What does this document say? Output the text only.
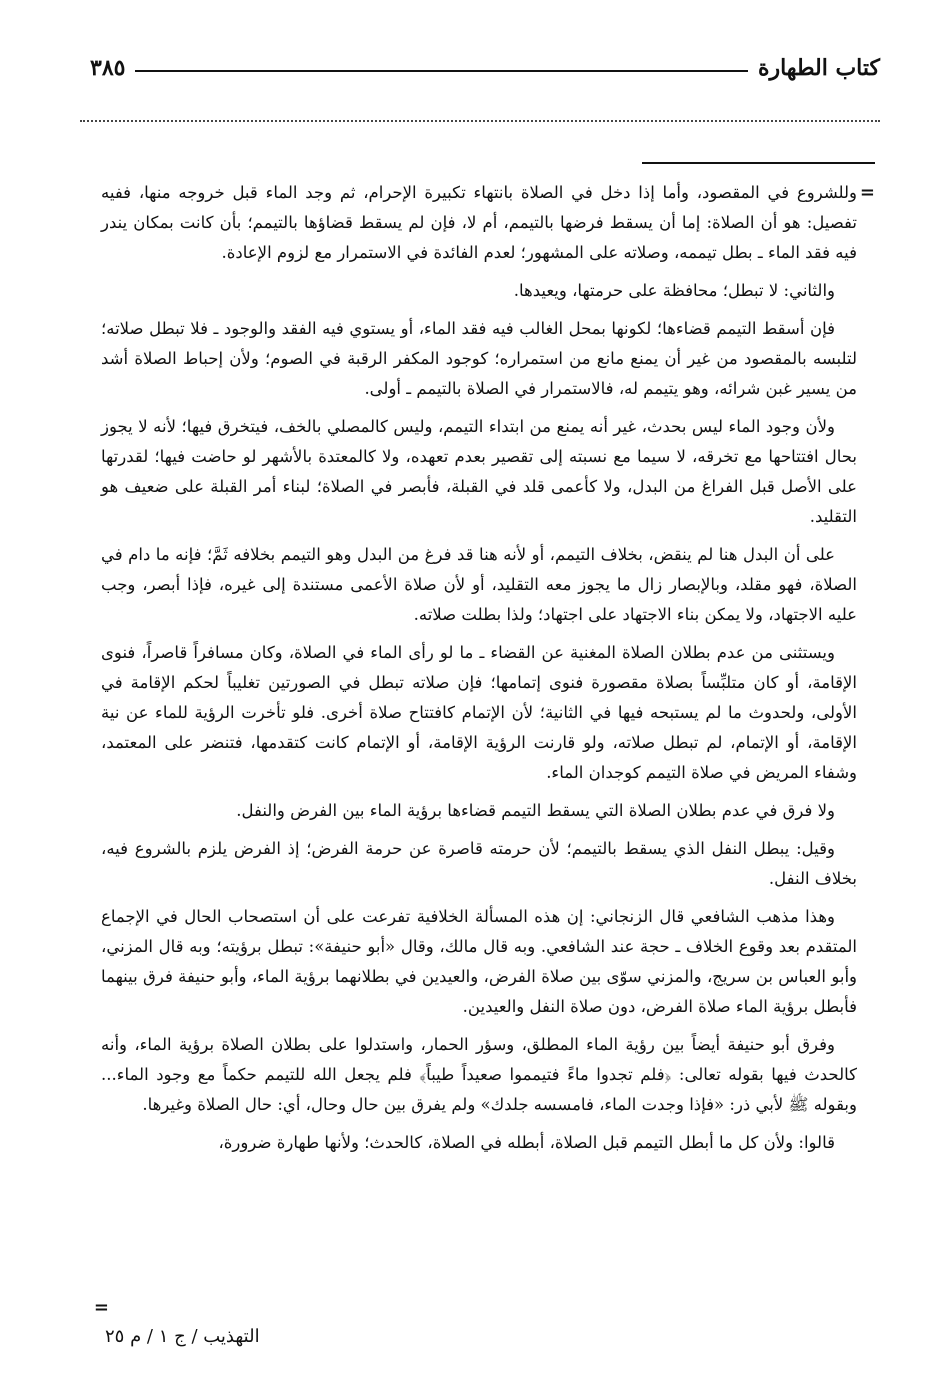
كتاب الطهارة
٣٨٥
=

وللشروع في المقصود، وأما إذا دخل في الصلاة بانتهاء تكبيرة الإحرام، ثم وجد الماء قبل خروجه منها، ففيه تفصيل: هو أن الصلاة: إما أن يسقط فرضها بالتيمم، أم لا، فإن لم يسقط قضاؤها بالتيمم؛ بأن كانت بمكان يندر فيه فقد الماء ـ بطل تيممه، وصلاته على المشهور؛ لعدم الفائدة في الاستمرار مع لزوم الإعادة.

والثاني: لا تبطل؛ محافظة على حرمتها، ويعيدها.

فإن أسقط التيمم قضاءها؛ لكونها بمحل الغالب فيه فقد الماء، أو يستوي فيه الفقد والوجود ـ فلا تبطل صلاته؛ لتلبسه بالمقصود من غير أن يمنع مانع من استمراره؛ كوجود المكفر الرقبة في الصوم؛ ولأن إحباط الصلاة أشد من يسير غبن شرائه، وهو يتيمم له، فالاستمرار في الصلاة بالتيمم ـ أولى.

ولأن وجود الماء ليس بحدث، غير أنه يمنع من ابتداء التيمم، وليس كالمصلي بالخف، فيتخرق فيها؛ لأنه لا يجوز بحال افتتاحها مع تخرقه، لا سيما مع نسبته إلى تقصير بعدم تعهده، ولا كالمعتدة بالأشهر لو حاضت فيها؛ لقدرتها على الأصل قبل الفراغ من البدل، ولا كأعمى قلد في القبلة، فأبصر في الصلاة؛ لبناء أمر القبلة على ضعيف هو التقليد.

على أن البدل هنا لم ينقض، بخلاف التيمم، أو لأنه هنا قد فرغ من البدل وهو التيمم بخلافه ثَمَّ؛ فإنه ما دام في الصلاة، فهو مقلد، وبالإبصار زال ما يجوز معه التقليد، أو لأن صلاة الأعمى مستندة إلى غيره، فإذا أبصر، وجب عليه الاجتهاد، ولا يمكن بناء الاجتهاد على اجتهاد؛ ولذا بطلت صلاته.

ويستثنى من عدم بطلان الصلاة المغنية عن القضاء ـ ما لو رأى الماء في الصلاة، وكان مسافراً قاصراً، فنوى الإقامة، أو كان متلبِّساً بصلاة مقصورة فنوى إتمامها؛ فإن صلاته تبطل في الصورتين تغليباً لحكم الإقامة في الأولى، ولحدوث ما لم يستبحه فيها في الثانية؛ لأن الإتمام كافتتاح صلاة أخرى. فلو تأخرت الرؤية للماء عن نية الإقامة، أو الإتمام، لم تبطل صلاته، ولو قارنت الرؤية الإقامة، أو الإتمام كانت كتقدمها، فتنضر على المعتمد، وشفاء المريض في صلاة التيمم كوجدان الماء.

ولا فرق في عدم بطلان الصلاة التي يسقط التيمم قضاءها برؤية الماء بين الفرض والنفل.

وقيل: يبطل النفل الذي يسقط بالتيمم؛ لأن حرمته قاصرة عن حرمة الفرض؛ إذ الفرض يلزم بالشروع فيه، بخلاف النفل.

وهذا مذهب الشافعي قال الزنجاني: إن هذه المسألة الخلافية تفرعت على أن استصحاب الحال في الإجماع المتقدم بعد وقوع الخلاف ـ حجة عند الشافعي. وبه قال مالك، وقال «أبو حنيفة»: تبطل برؤيته؛ وبه قال المزني، وأبو العباس بن سريج، والمزني سوّى بين صلاة الفرض، والعيدين في بطلانهما برؤية الماء، وأبو حنيفة فرق بينهما فأبطل برؤية الماء صلاة الفرض، دون صلاة النفل والعيدين.

وفرق أبو حنيفة أيضاً بين رؤية الماء المطلق، وسؤر الحمار، واستدلوا على بطلان الصلاة برؤية الماء، وأنه كالحدث فيها بقوله تعالى: ﴿فلم تجدوا ماءً فتيمموا صعيداً طيباً﴾ فلم يجعل الله للتيمم حكماً مع وجود الماء... وبقوله ﷺ لأبي ذر: «فإذا وجدت الماء، فامسسه جلدك» ولم يفرق بين حال وحال، أي: حال الصلاة وغيرها.

قالوا: ولأن كل ما أبطل التيمم قبل الصلاة، أبطله في الصلاة، كالحدث؛ ولأنها طهارة ضرورة،

=
التهذيب / ج ١ / م ٢٥
